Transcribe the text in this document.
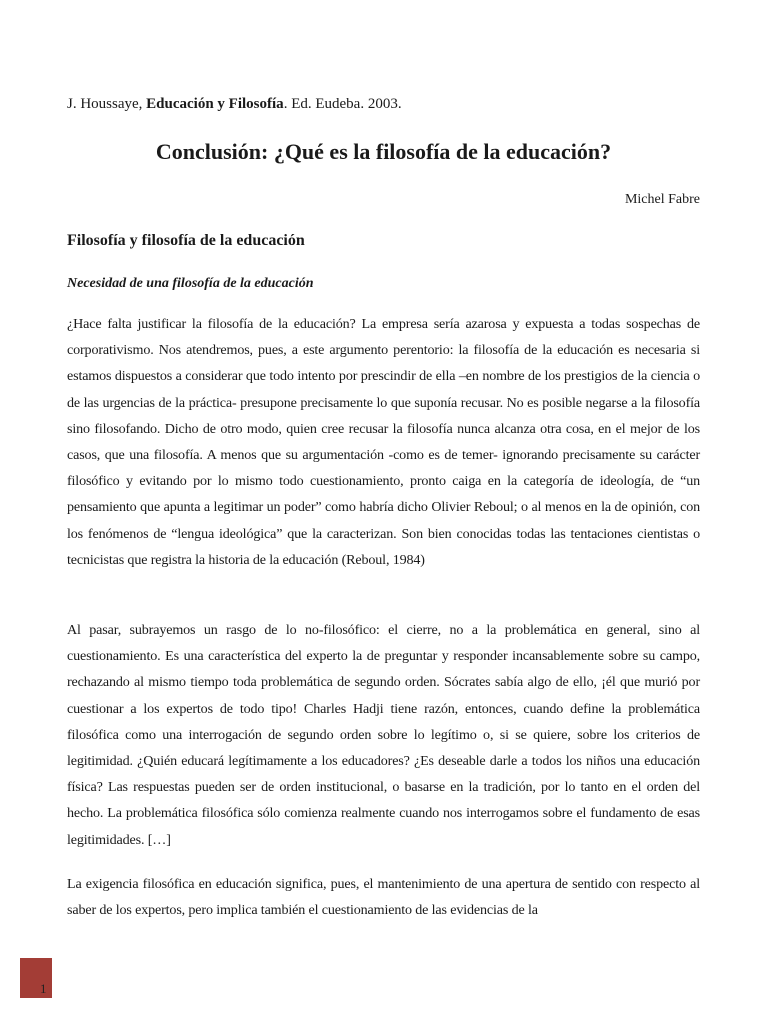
J. Houssaye, Educación y Filosofía. Ed. Eudeba. 2003.
Conclusión: ¿Qué es la filosofía de la educación?
Michel Fabre
Filosofía y filosofía de la educación
Necesidad de una filosofía de la educación

¿Hace falta justificar la filosofía de la educación? La empresa sería azarosa y expuesta a todas sospechas de corporativismo. Nos atendremos, pues, a este argumento perentorio: la filosofía de la educación es necesaria si estamos dispuestos a considerar que todo intento por prescindir de ella –en nombre de los prestigios de la ciencia o de las urgencias de la práctica- presupone precisamente lo que suponía recusar. No es posible negarse a la filosofía sino filosofando. Dicho de otro modo, quien cree recusar la filosofía nunca alcanza otra cosa, en el mejor de los casos, que una filosofía. A menos que su argumentación -como es de temer- ignorando precisamente su carácter filosófico y evitando por lo mismo todo cuestionamiento, pronto caiga en la categoría de ideología, de “un pensamiento que apunta a legitimar un poder” como habría dicho Olivier Reboul; o al menos en la de opinión, con los fenómenos de “lengua ideológica” que la caracterizan. Son bien conocidas todas las tentaciones cientistas o tecnicistas que registra la historia de la educación (Reboul, 1984)

Al pasar, subrayemos un rasgo de lo no-filosófico: el cierre, no a la problemática en general, sino al cuestionamiento. Es una característica del experto la de preguntar y responder incansablemente sobre su campo, rechazando al mismo tiempo toda problemática de segundo orden. Sócrates sabía algo de ello, ¡él que murió por cuestionar a los expertos de todo tipo! Charles Hadji tiene razón, entonces, cuando define la problemática filosófica como una interrogación de segundo orden sobre lo legítimo o, si se quiere, sobre los criterios de legitimidad. ¿Quién educará legítimamente a los educadores? ¿Es deseable darle a todos los niños una educación física? Las respuestas pueden ser de orden institucional, o basarse en la tradición, por lo tanto en el orden del hecho. La problemática filosófica sólo comienza realmente cuando nos interrogamos sobre el fundamento de esas legitimidades. […]

La exigencia filosófica en educación significa, pues, el mantenimiento de una apertura de sentido con respecto al saber de los expertos, pero implica también el cuestionamiento de las evidencias de la

1
